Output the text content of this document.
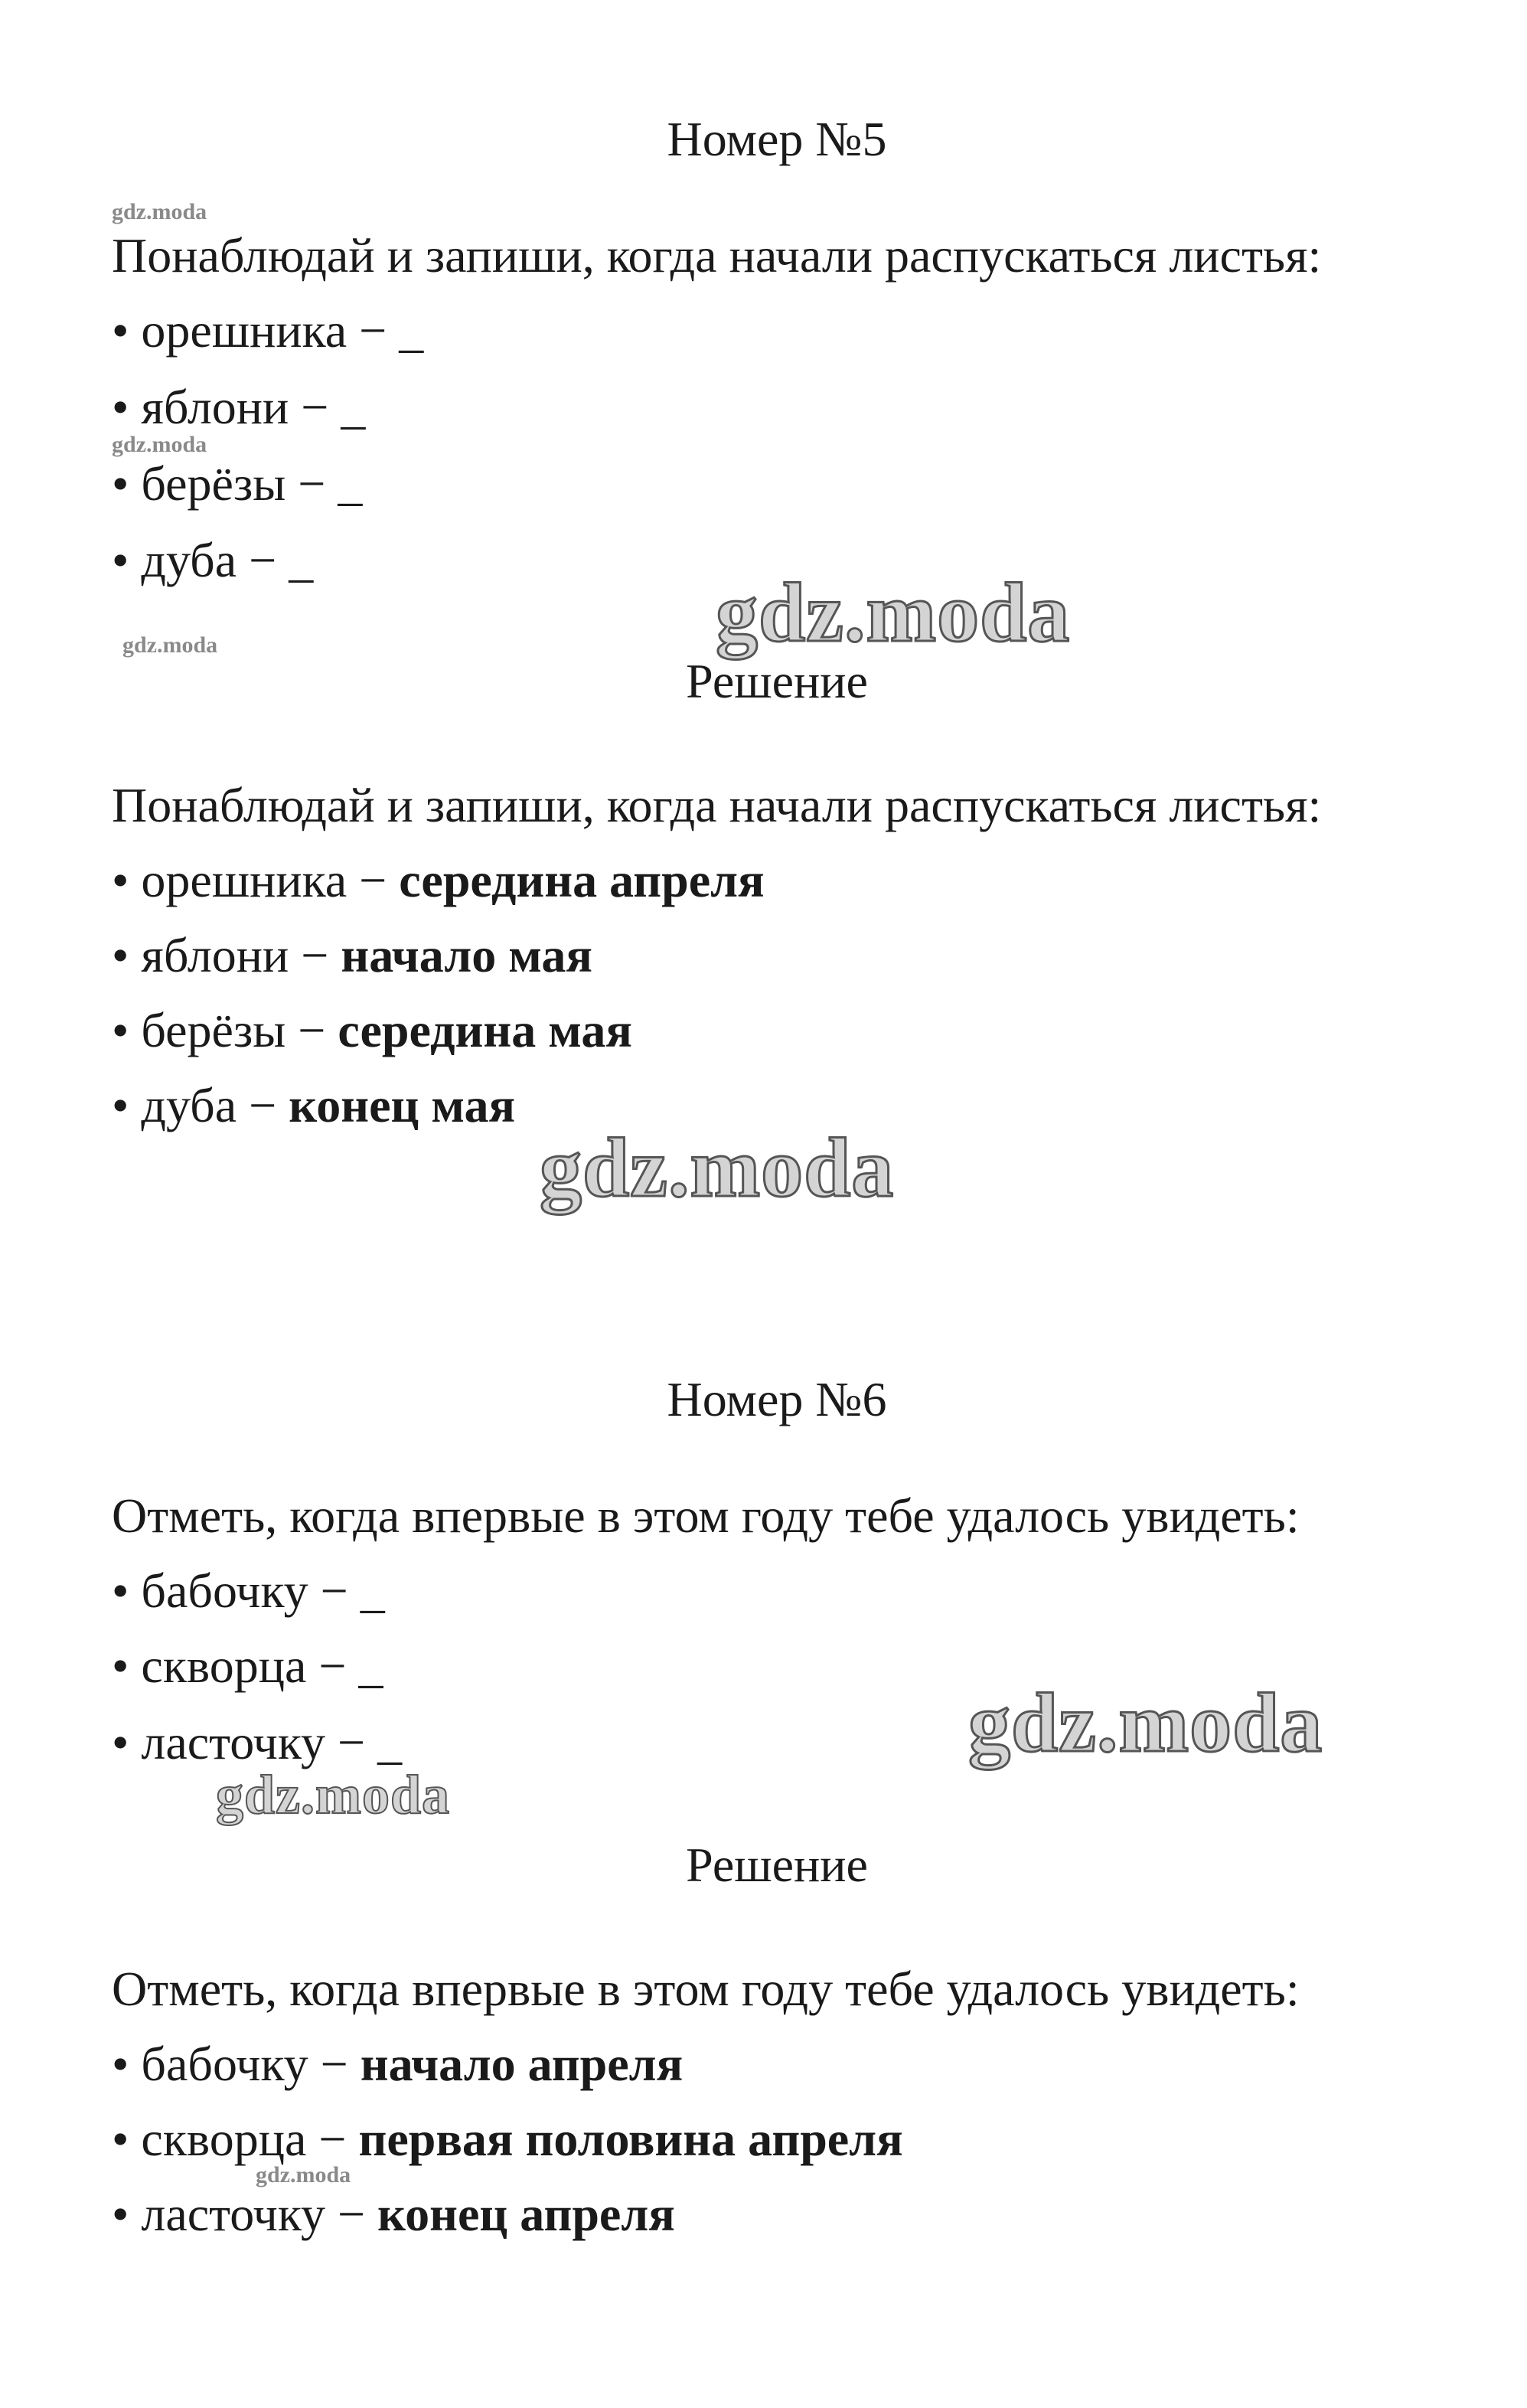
Номер №5
gdz.moda
Понаблюдай и запиши, когда начали распускаться листья:
• орешника − _
• яблони − _
gdz.moda
• берёзы − _
• дуба − _
gdz.moda
gdz.moda
Решение
Понаблюдай и запиши, когда начали распускаться листья:
• орешника − середина апреля
• яблони − начало мая
• берёзы − середина мая
• дуба − конец мая
gdz.moda
Номер №6
Отметь, когда впервые в этом году тебе удалось увидеть:
• бабочку − _
• скворца − _
gdz.moda
• ласточку − _
gdz.moda
Решение
Отметь, когда впервые в этом году тебе удалось увидеть:
• бабочку − начало апреля
• скворца − первая половина апреля
gdz.moda
• ласточку − конец апреля
